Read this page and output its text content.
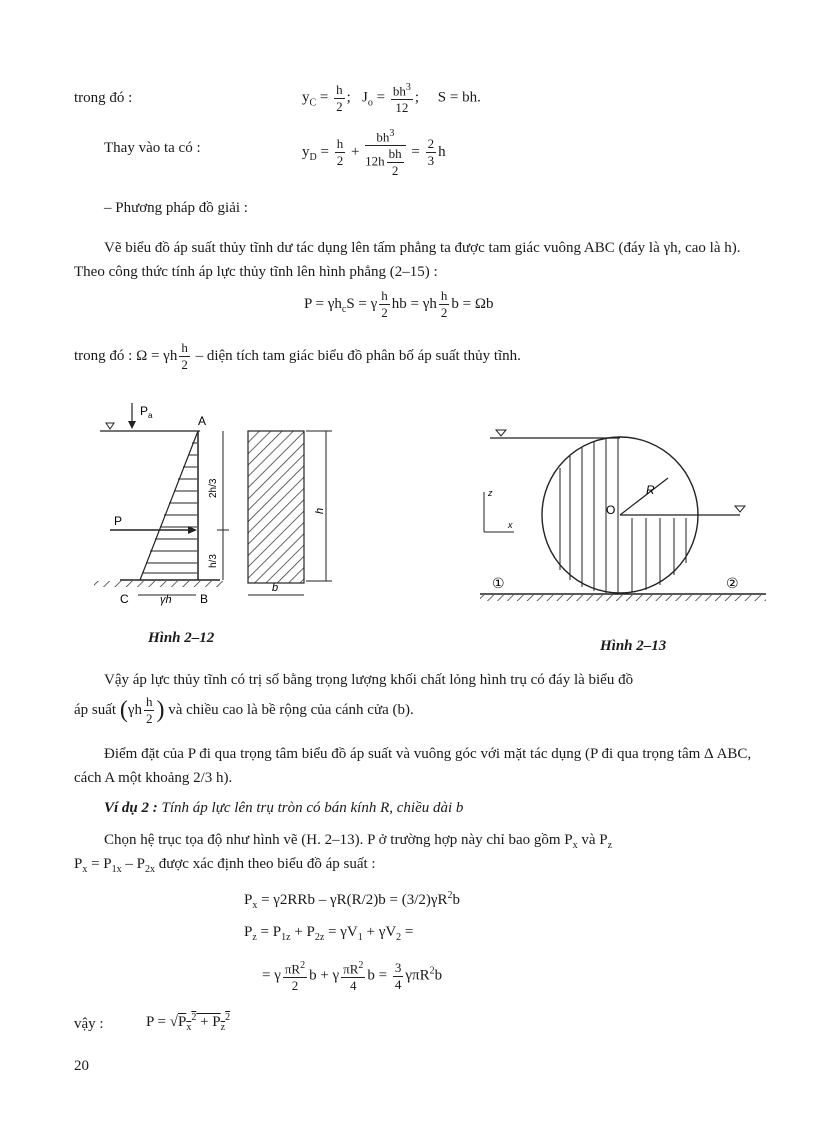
trong đó :	$y_C = \frac{h}{2}$ ;   $J_o = \frac{bh^3}{12}$ ;     S = bh.
Thay vào ta có :	$y_D = \frac{h}{2} + \frac{bh^3}{12h \frac{bh}{2}} = \frac{2}{3}$ h
– Phương pháp đồ giải :
Vẽ biểu đồ áp suất thủy tĩnh dư tác dụng lên tấm phẳng ta được tam giác vuông ABC (đáy là γh, cao là h). Theo công thức tính áp lực thủy tĩnh lên hình phẳng (2–15) :
$P = \gamma h_cS = \gamma \frac{h}{2}$ hb = γh $\frac{h}{2}$ b = Ωb
trong đó : Ω = γh $\frac{h}{2}$ – diện tích tam giác biểu đồ phân bố áp suất thủy tĩnh.
$P_a$
P
A
B
C	γh
2h/3
h/3
h
b
Hình 2–12
O
R
z
x
①	②
Hình 2–13
Vậy áp lực thủy tĩnh có trị số bằng trọng lượng khối chất lỏng hình trụ có đáy là biểu đồ
áp suất ($\gamma h \frac{h}{2}$ ) và chiều cao là bề rộng của cánh cửa (b).
Điểm đặt của P đi qua trọng tâm biểu đồ áp suất và vuông góc với mặt tác dụng (P đi qua trọng tâm Δ ABC, cách A một khoảng 2/3 h).
Ví dụ 2 : Tính áp lực lên trụ tròn có bán kính R, chiều dài b
Chọn hệ trục tọa độ như hình vẽ (H. 2–13). P ở trường hợp này chỉ bao gồm $P_x$ và $P_z$
$P_x = P_{1x} - P_{2x}$ được xác định theo biểu đồ áp suất :
$P_x = \gamma 2RRb - \gamma R(R/2)b = (3/2)\gamma R^2b$
$P_z = P_{1z} + P_{2z} = \gamma V_1 + \gamma V_2$ =
= γ $\frac{\pi R^2}{2}$ b + γ $\frac{\pi R^2}{4}$ $b = \frac{3}{4} \gamma\pi R^2b$
vậy :	$P = √P_x^2 + P_z^2$
20
